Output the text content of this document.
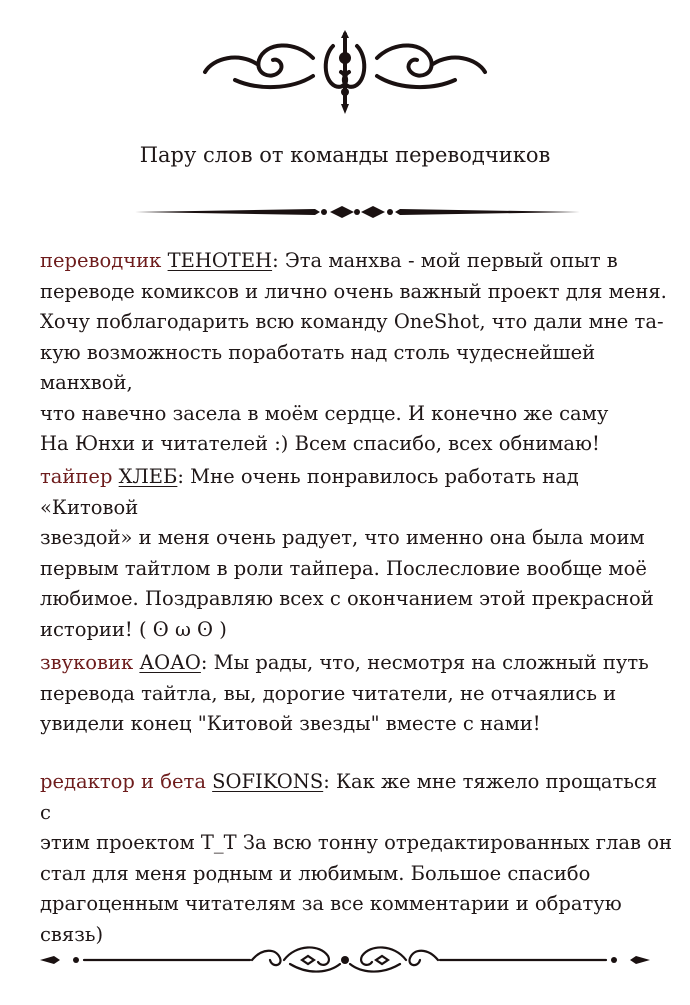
Пару слов от команды переводчиков

переводчик ТЕНОТЕН: Эта манхва - мой первый опыт в

переводе комиксов и лично очень важный проект для меня.

Хочу поблагодарить всю команду OneShot, что дали мне та-

кую возможность поработать над столь чудеснейшей манхвой,

что навечно засела в моём сердце. И конечно же саму

На Юнхи и читателей :) Всем спасибо, всех обнимаю!

тайпер ХЛЕБ: Мне очень понравилось работать над «Китовой

звездой» и меня очень радует, что именно она была моим

первым тайтлом в роли тайпера. Послесловие вообще моё

любимое. Поздравляю всех с окончанием этой прекрасной

истории! ( ʘ ω ʘ )

звуковик АОАО: Мы рады, что, несмотря на сложный путь

перевода тайтла, вы, дорогие читатели, не отчаялись и

увидели конец "Китовой звезды" вместе с нами!

редактор и бета SOFIKONS: Как же мне тяжело прощаться с

этим проектом Т_Т За всю тонну отредактированных глав он

стал для меня родным и любимым. Большое спасибо

драгоценным читателям за все комментарии и обратую связь)
